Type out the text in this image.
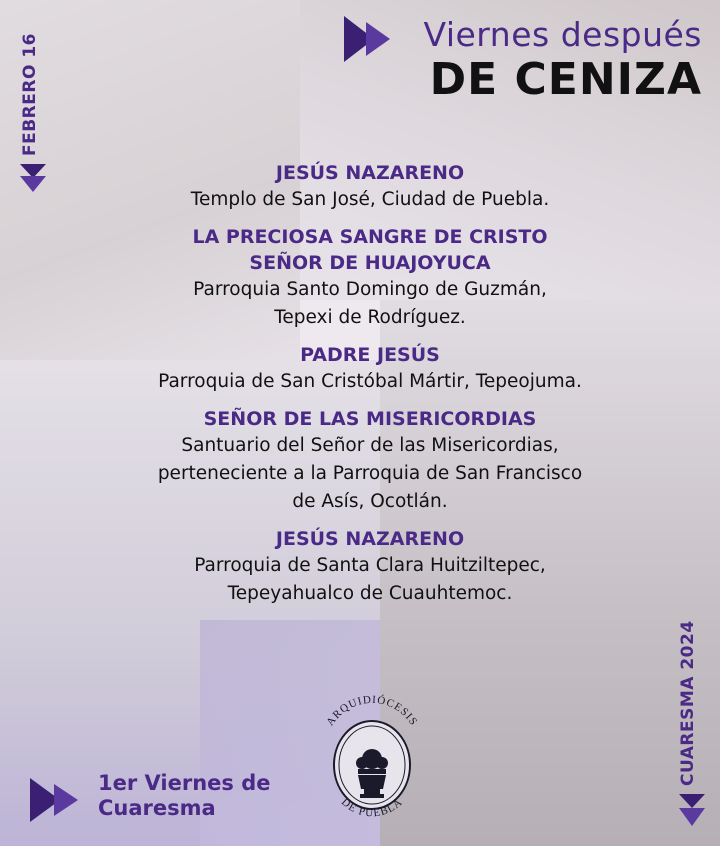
Viernes después
DE CENIZA
FEBRERO 16
CUARESMA 2024
JESÚS NAZARENO
Templo de San José, Ciudad de Puebla.
LA PRECIOSA SANGRE DE CRISTO
SEÑOR DE HUAJOYUCA
Parroquia Santo Domingo de Guzmán,
Tepexi de Rodríguez.
PADRE JESÚS
Parroquia de San Cristóbal Mártir, Tepeojuma.
SEÑOR DE LAS MISERICORDIAS
Santuario del Señor de las Misericordias,
perteneciente a la Parroquia de San Francisco
de Asís, Ocotlán.
JESÚS NAZARENO
Parroquia de Santa Clara Huitziltepec,
Tepeyahualco de Cuauhtemoc.
1er Viernes de
Cuaresma
ARQUIDIÓCESIS
DE PUEBLA
